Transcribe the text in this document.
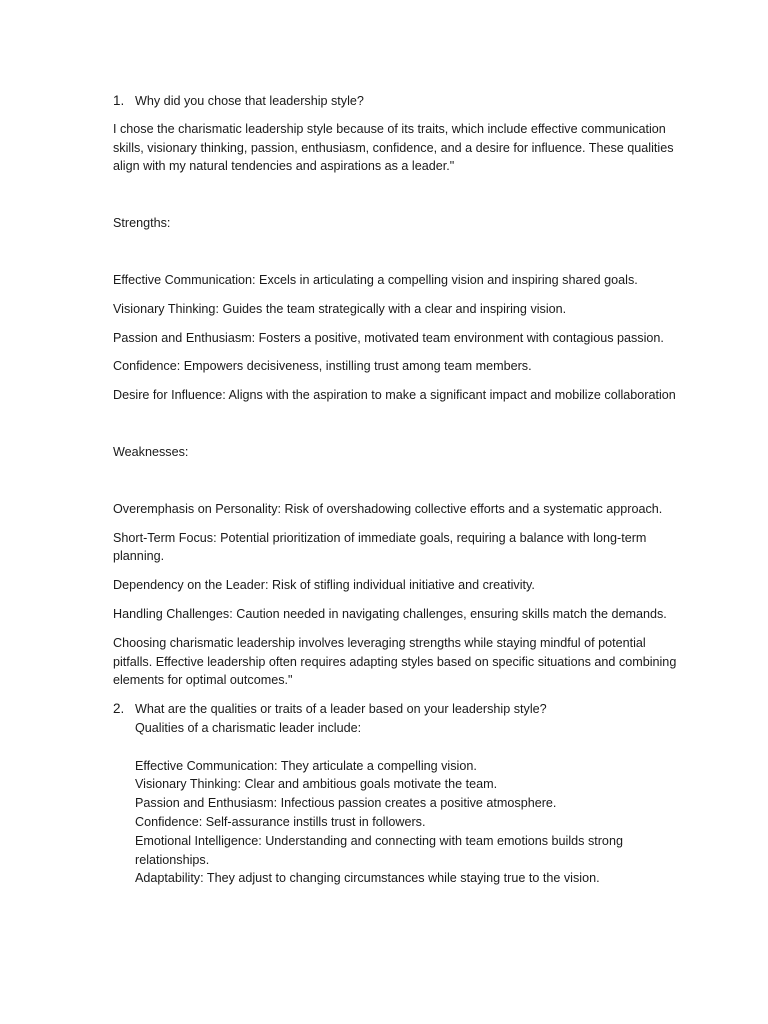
1. Why did you chose that leadership style?

I chose the charismatic leadership style because of its traits, which include effective communication skills, visionary thinking, passion, enthusiasm, confidence, and a desire for influence. These qualities align with my natural tendencies and aspirations as a leader."

Strengths:

Effective Communication: Excels in articulating a compelling vision and inspiring shared goals.

Visionary Thinking: Guides the team strategically with a clear and inspiring vision.

Passion and Enthusiasm: Fosters a positive, motivated team environment with contagious passion.

Confidence: Empowers decisiveness, instilling trust among team members.

Desire for Influence: Aligns with the aspiration to make a significant impact and mobilize collaboration

Weaknesses:

Overemphasis on Personality: Risk of overshadowing collective efforts and a systematic approach.

Short-Term Focus: Potential prioritization of immediate goals, requiring a balance with long-term planning.

Dependency on the Leader: Risk of stifling individual initiative and creativity.

Handling Challenges: Caution needed in navigating challenges, ensuring skills match the demands.

Choosing charismatic leadership involves leveraging strengths while staying mindful of potential pitfalls. Effective leadership often requires adapting styles based on specific situations and combining elements for optimal outcomes."

2. What are the qualities or traits of a leader based on your leadership style?

Qualities of a charismatic leader include:

Effective Communication: They articulate a compelling vision.

Visionary Thinking: Clear and ambitious goals motivate the team.

Passion and Enthusiasm: Infectious passion creates a positive atmosphere.

Confidence: Self-assurance instills trust in followers.

Emotional Intelligence: Understanding and connecting with team emotions builds strong relationships.

Adaptability: They adjust to changing circumstances while staying true to the vision.
